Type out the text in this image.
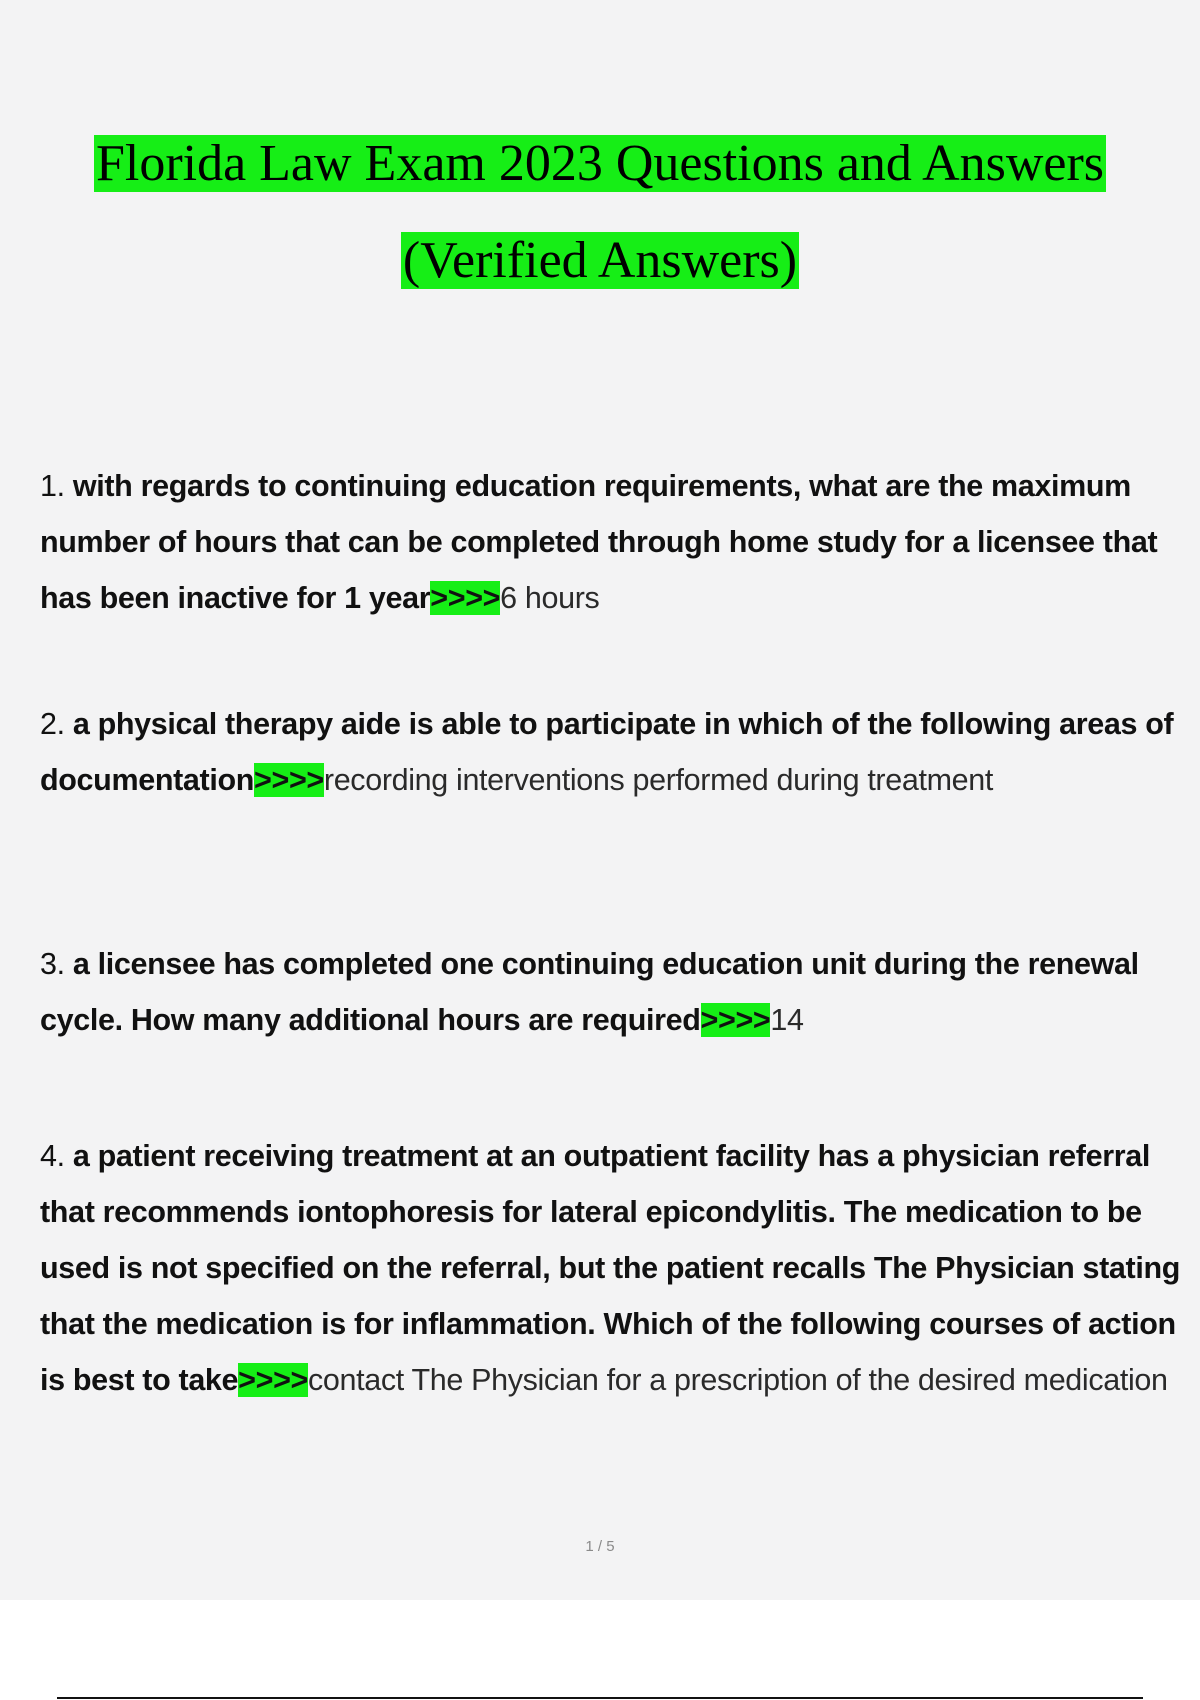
Florida Law Exam 2023 Questions and Answers
(Verified Answers)

1. with regards to continuing education requirements, what are the maximum number of hours that can be completed through home study for a licensee that has been inactive for 1 year>>>>6 hours

2. a physical therapy aide is able to participate in which of the following areas of documentation>>>>recording interventions performed during treatment

3. a licensee has completed one continuing education unit during the renewal cycle. How many additional hours are required>>>>14

4. a patient receiving treatment at an outpatient facility has a physician referral that recommends iontophoresis for lateral epicondylitis. The medication to be used is not specified on the referral, but the patient recalls The Physician stating that the medication is for inflammation. Which of the following courses of action is best to take>>>>contact The Physician for a prescription of the desired medication

1 / 5
